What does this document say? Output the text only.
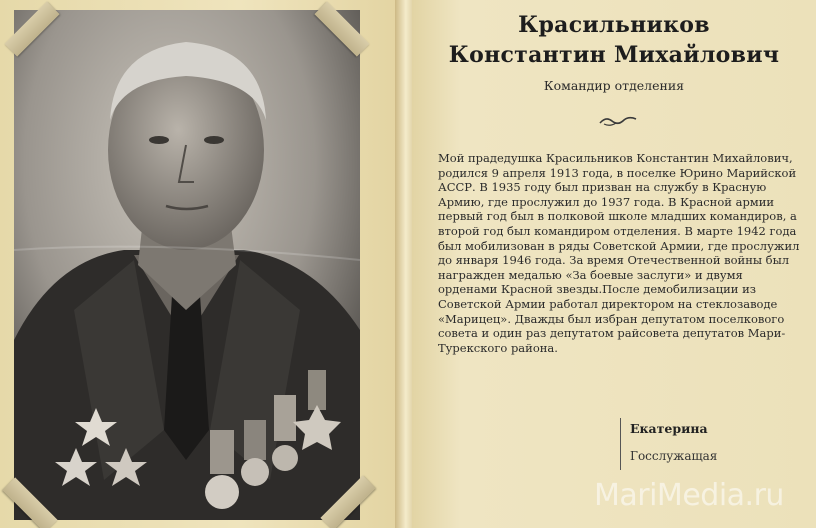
Красильников
Константин Михайлович
Командир отделения

Мой прадедушка Красильников Константин Михайлович, родился 9 апреля 1913 года, в поселке Юрино Марийской АССР. В 1935 году был призван на службу в Красную Армию, где прослужил до 1937 года. В Красной армии первый год был в полковой школе младших командиров, а второй год был командиром отделения. В марте 1942 года был мобилизован в ряды Советской Армии, где прослужил до января 1946 года. За время Отечественной войны был награжден медалью «За боевые заслуги» и двумя орденами Красной звезды.После демобилизации из Советской Армии работал директором на стеклозаводе «Марицец». Дважды был избран депутатом поселкового совета и один раз депутатом райсовета депутатов Мари-Турекского района.

Екатерина
Госслужащая
MariMedia.ru
